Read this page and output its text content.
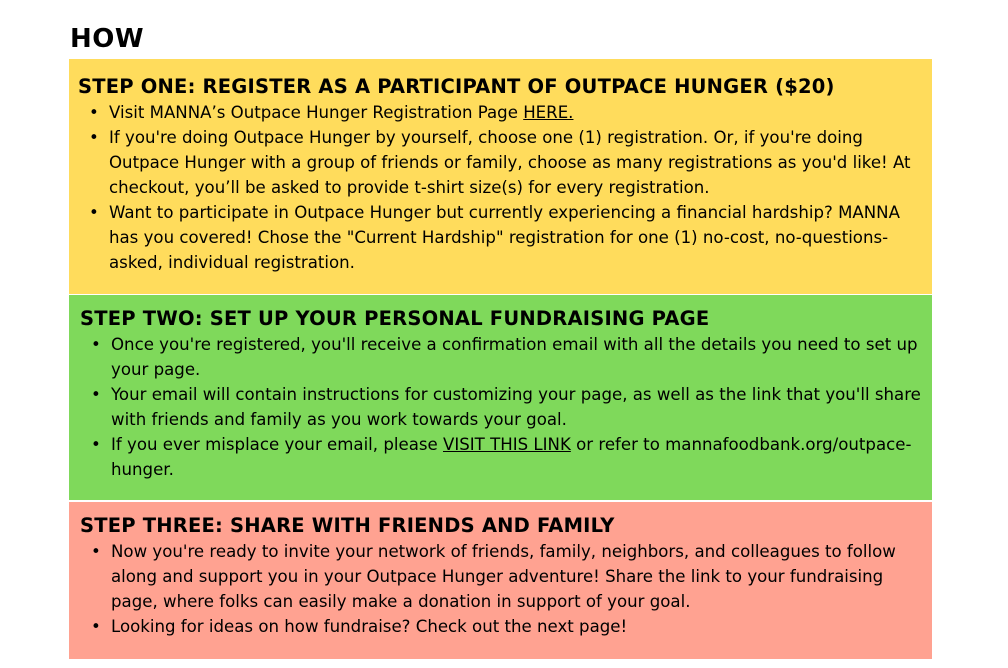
HOW
STEP ONE: REGISTER AS A PARTICIPANT OF OUTPACE HUNGER ($20)
• Visit MANNA’s Outpace Hunger Registration Page HERE.
• If you're doing Outpace Hunger by yourself, choose one (1) registration. Or, if you're doing Outpace Hunger with a group of friends or family, choose as many registrations as you'd like! At checkout, you’ll be asked to provide t-shirt size(s) for every registration.
• Want to participate in Outpace Hunger but currently experiencing a financial hardship? MANNA has you covered! Chose the "Current Hardship" registration for one (1) no-cost, no-questions-asked, individual registration.
STEP TWO: SET UP YOUR PERSONAL FUNDRAISING PAGE
• Once you're registered, you'll receive a confirmation email with all the details you need to set up your page.
• Your email will contain instructions for customizing your page, as well as the link that you'll share with friends and family as you work towards your goal.
• If you ever misplace your email, please VISIT THIS LINK or refer to mannafoodbank.org/outpace-hunger.
STEP THREE: SHARE WITH FRIENDS AND FAMILY
• Now you're ready to invite your network of friends, family, neighbors, and colleagues to follow along and support you in your Outpace Hunger adventure! Share the link to your fundraising page, where folks can easily make a donation in support of your goal.
• Looking for ideas on how fundraise? Check out the next page!
